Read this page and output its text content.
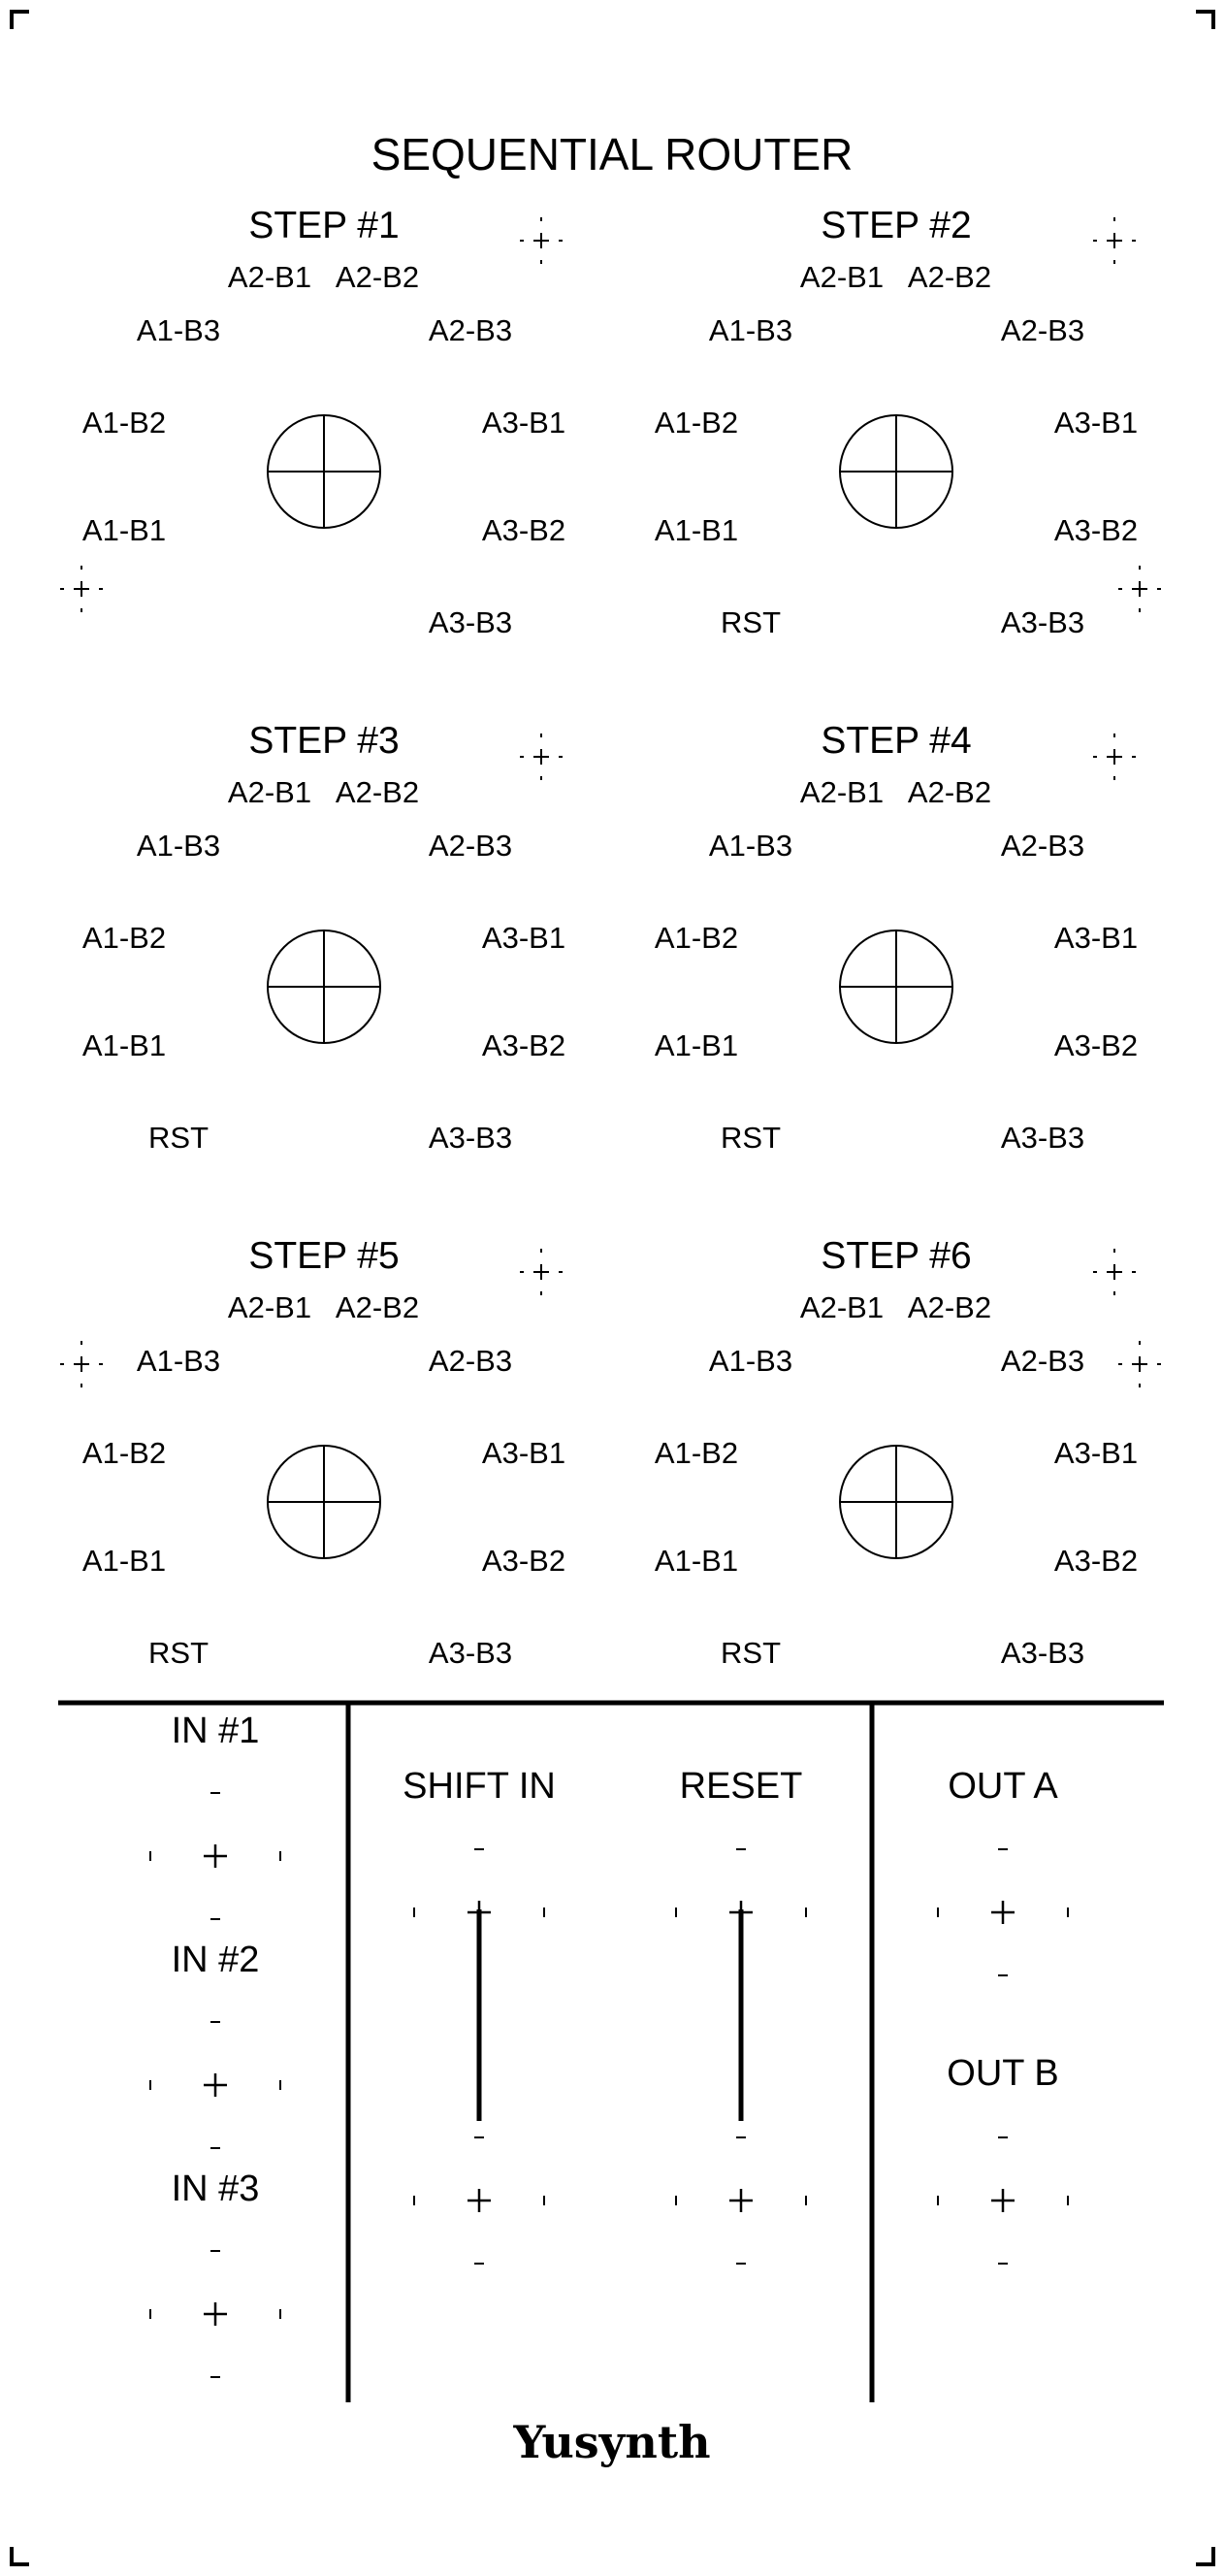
SEQUENTIAL ROUTER
STEP #1
A2-B1 A2-B2
A1-B3	A2-B3
A1-B2	A3-B1
A1-B1	A3-B2
A3-B3
STEP #2
A2-B1 A2-B2
A1-B3	A2-B3
A1-B2	A3-B1
A1-B1	A3-B2
A3-B3
RST
STEP #3
A2-B1 A2-B2
A1-B3	A2-B3
A1-B2	A3-B1
A1-B1	A3-B2
A3-B3
RST
STEP #4
A2-B1 A2-B2
A1-B3	A2-B3
A1-B2	A3-B1
A1-B1	A3-B2
A3-B3
RST
STEP #5
A2-B1 A2-B2
A1-B3	A2-B3
A1-B2	A3-B1
A1-B1	A3-B2
A3-B3
RST
STEP #6
A2-B1 A2-B2
A1-B3	A2-B3
A1-B2	A3-B1
A1-B1	A3-B2
A3-B3
RST
IN #1
IN #2
IN #3
SHIFT IN	RESET	OUT A
OUT B
Yusynth
